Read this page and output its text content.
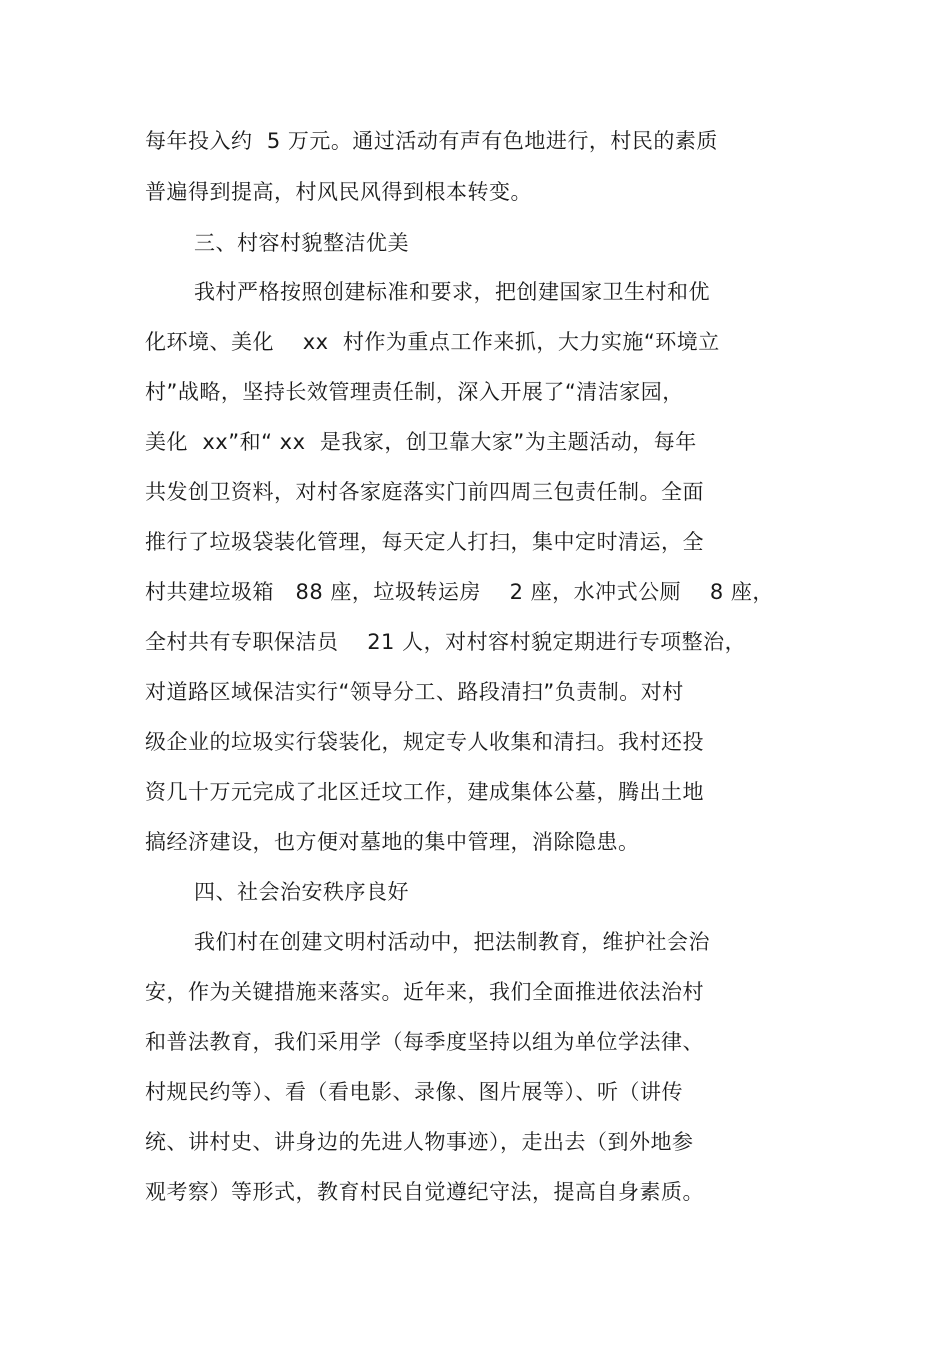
每年投入约  5 万元。通过活动有声有色地进行，村民的素质
普遍得到提高，村风民风得到根本转变。
三、村容村貌整洁优美
我村严格按照创建标准和要求，把创建国家卫生村和优
化环境、美化    xx  村作为重点工作来抓，大力实施“环境立
村”战略，坚持长效管理责任制，深入开展了“清洁家园，
美化  xx”和“ xx  是我家，创卫靠大家”为主题活动，每年
共发创卫资料，对村各家庭落实门前四周三包责任制。全面
推行了垃圾袋装化管理，每天定人打扫，集中定时清运，全
村共建垃圾箱   88 座，垃圾转运房    2 座，水冲式公厕    8 座，
全村共有专职保洁员    21 人，对村容村貌定期进行专项整治，
对道路区域保洁实行“领导分工、路段清扫”负责制。对村
级企业的垃圾实行袋装化，规定专人收集和清扫。我村还投
资几十万元完成了北区迁坟工作，建成集体公墓，腾出土地
搞经济建设，也方便对墓地的集中管理，消除隐患。
四、社会治安秩序良好
我们村在创建文明村活动中，把法制教育，维护社会治
安，作为关键措施来落实。近年来，我们全面推进依法治村
和普法教育，我们采用学（每季度坚持以组为单位学法律、
村规民约等）、看（看电影、录像、图片展等）、听（讲传
统、讲村史、讲身边的先进人物事迹），走出去（到外地参
观考察）等形式，教育村民自觉遵纪守法，提高自身素质。
